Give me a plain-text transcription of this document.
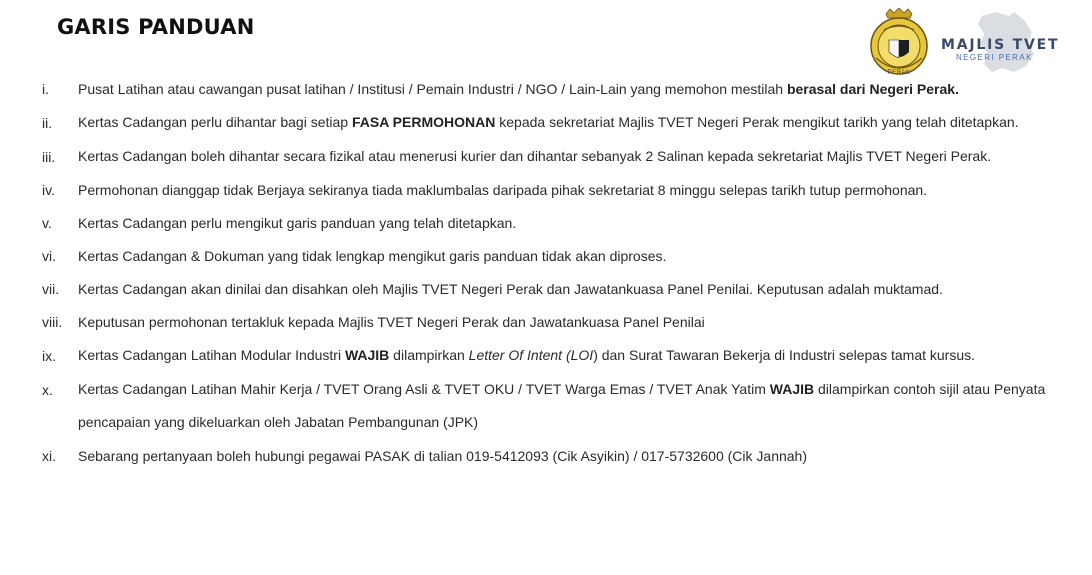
GARIS PANDUAN
PERAK
MAJLIS TVET
NEGERI PERAK
i.	Pusat Latihan atau cawangan pusat latihan / Institusi / Pemain Industri / NGO / Lain-Lain yang memohon mestilah berasal dari Negeri Perak.
ii.	Kertas Cadangan perlu dihantar bagi setiap FASA PERMOHONAN kepada sekretariat Majlis TVET Negeri Perak mengikut tarikh yang telah ditetapkan.
iii.	Kertas Cadangan boleh dihantar secara fizikal atau menerusi kurier dan dihantar sebanyak 2 Salinan kepada sekretariat Majlis TVET Negeri Perak.
iv.	Permohonan dianggap tidak Berjaya sekiranya tiada maklumbalas daripada pihak sekretariat 8 minggu selepas tarikh tutup permohonan.
v.	Kertas Cadangan perlu mengikut garis panduan yang telah ditetapkan.
vi.	Kertas Cadangan & Dokuman yang tidak lengkap mengikut garis panduan tidak akan diproses.
vii.	Kertas Cadangan akan dinilai dan disahkan oleh Majlis TVET Negeri Perak dan Jawatankuasa Panel Penilai. Keputusan adalah muktamad.
viii.	Keputusan permohonan tertakluk kepada Majlis TVET Negeri Perak dan Jawatankuasa Panel Penilai
ix.	Kertas Cadangan Latihan Modular Industri WAJIB dilampirkan Letter Of Intent (LOI) dan Surat Tawaran Bekerja di Industri selepas tamat kursus.
x.	Kertas Cadangan Latihan Mahir Kerja / TVET Orang Asli & TVET OKU / TVET Warga Emas / TVET Anak Yatim WAJIB dilampirkan contoh sijil atau Penyata pencapaian yang dikeluarkan oleh Jabatan Pembangunan (JPK)
xi.	Sebarang pertanyaan boleh hubungi pegawai PASAK di talian 019-5412093 (Cik Asyikin) / 017-5732600 (Cik Jannah)
